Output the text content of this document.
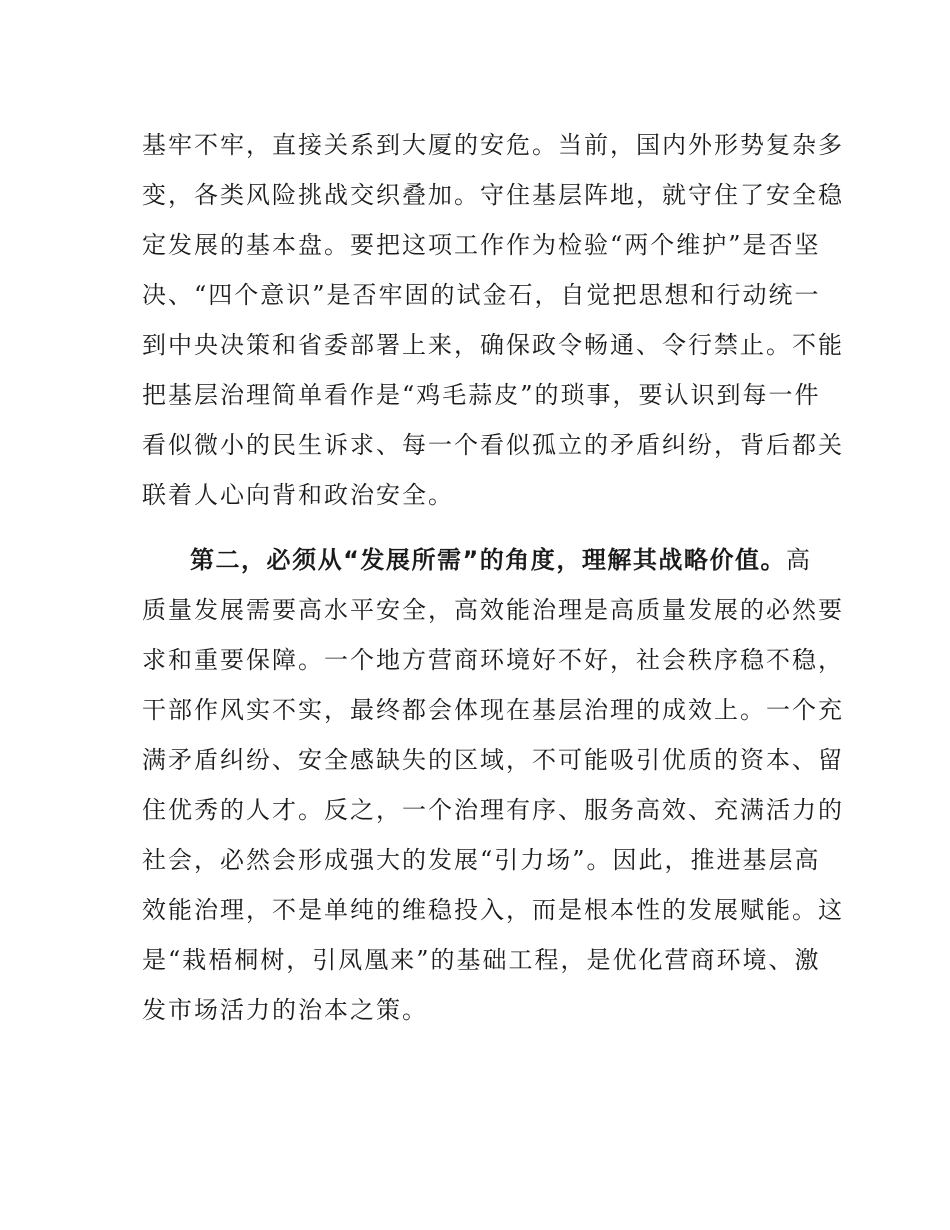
基牢不牢，直接关系到大厦的安危。当前，国内外形势复杂多
变，各类风险挑战交织叠加。守住基层阵地，就守住了安全稳
定发展的基本盘。要把这项工作作为检验“两个维护”是否坚
决、“四个意识”是否牢固的试金石，自觉把思想和行动统一
到中央决策和省委部署上来，确保政令畅通、令行禁止。不能
把基层治理简单看作是“鸡毛蒜皮”的琐事，要认识到每一件
看似微小的民生诉求、每一个看似孤立的矛盾纠纷，背后都关
联着人心向背和政治安全。
第二，必须从“发展所需”的角度，理解其战略价值。高
质量发展需要高水平安全，高效能治理是高质量发展的必然要
求和重要保障。一个地方营商环境好不好，社会秩序稳不稳，
干部作风实不实，最终都会体现在基层治理的成效上。一个充
满矛盾纠纷、安全感缺失的区域，不可能吸引优质的资本、留
住优秀的人才。反之，一个治理有序、服务高效、充满活力的
社会，必然会形成强大的发展“引力场”。因此，推进基层高
效能治理，不是单纯的维稳投入，而是根本性的发展赋能。这
是“栽梧桐树，引凤凰来”的基础工程，是优化营商环境、激
发市场活力的治本之策。
